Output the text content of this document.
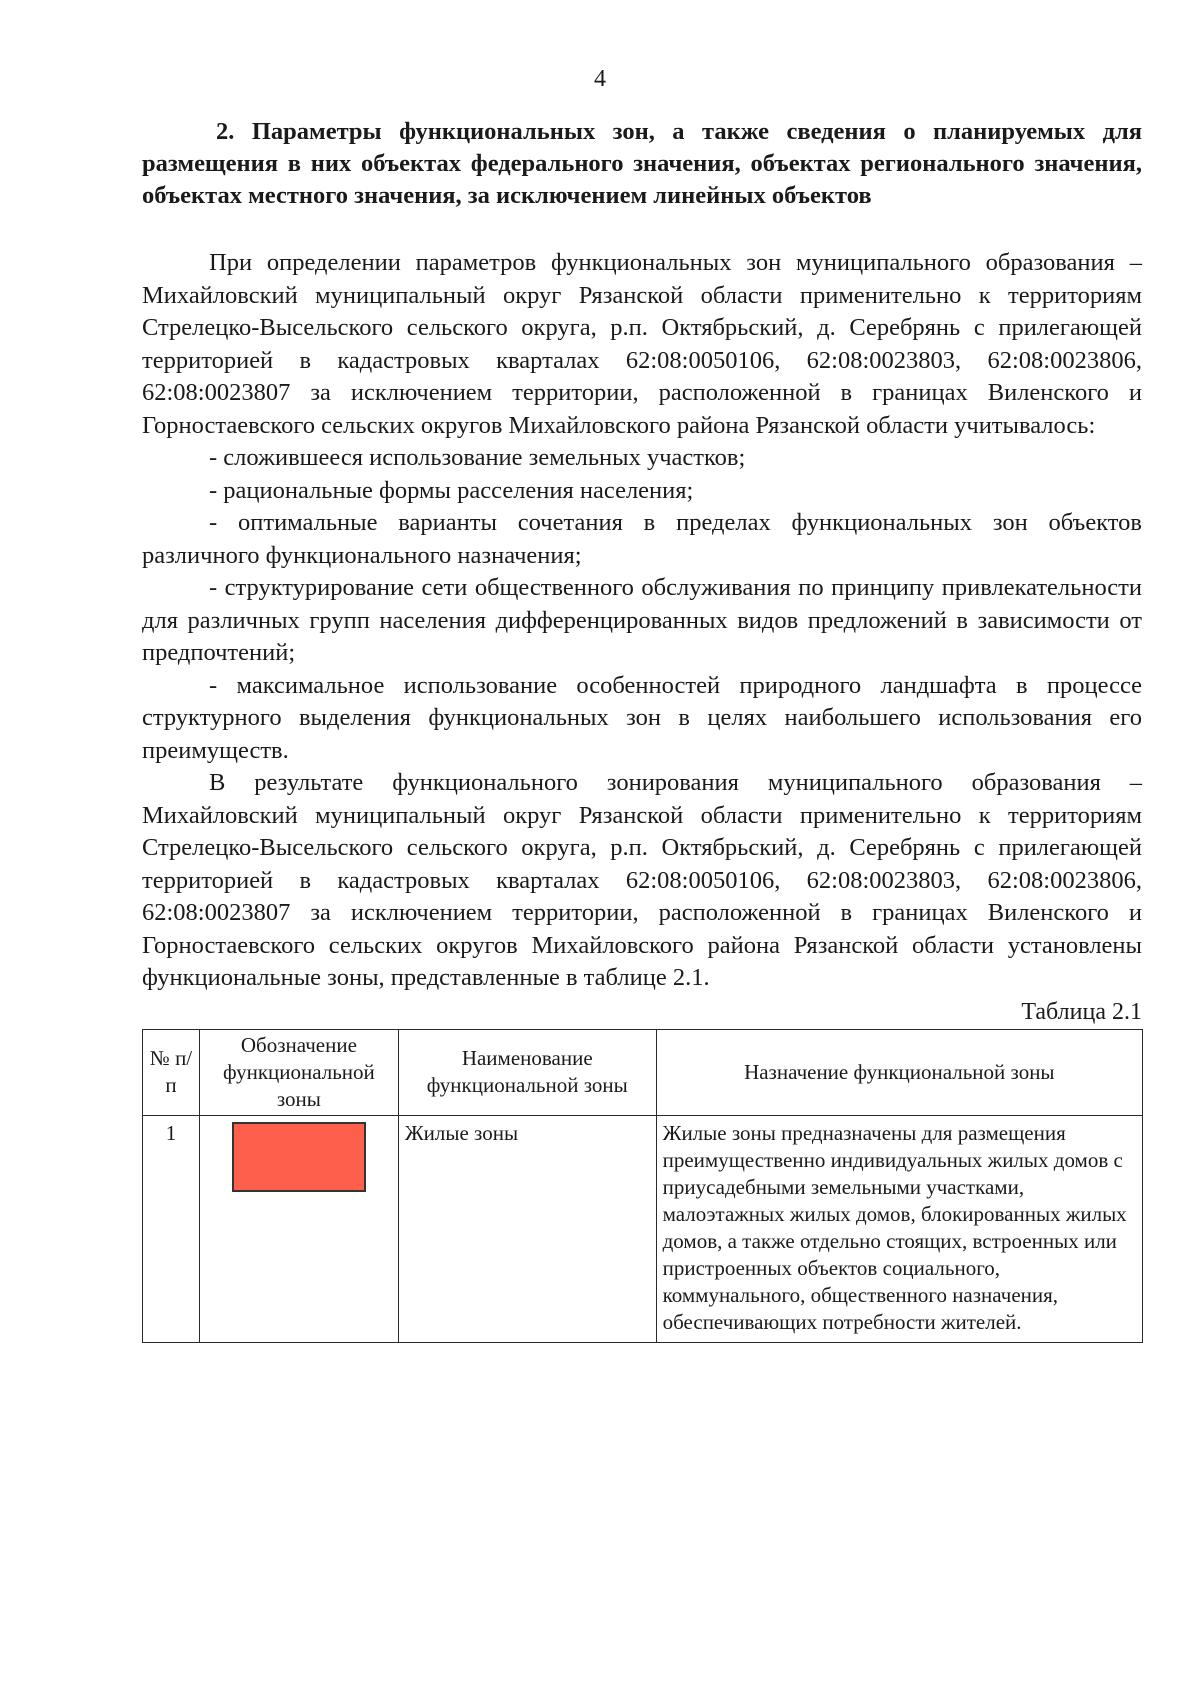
4

2. Параметры функциональных зон, а также сведения о планируемых для размещения в них объектах федерального значения, объектах регионального значения, объектах местного значения, за исключением линейных объектов

При определении параметров функциональных зон муниципального образования – Михайловский муниципальный округ Рязанской области применительно к территориям Стрелецко-Высельского сельского округа, р.п. Октябрьский, д. Серебрянь с прилегающей территорией в кадастровых кварталах 62:08:0050106, 62:08:0023803, 62:08:0023806, 62:08:0023807 за исключением территории, расположенной в границах Виленского и Горностаевского сельских округов Михайловского района Рязанской области учитывалось:

- сложившееся использование земельных участков;

- рациональные формы расселения населения;

- оптимальные варианты сочетания в пределах функциональных зон объектов различного функционального назначения;

- структурирование сети общественного обслуживания по принципу привлекательности для различных групп населения дифференцированных видов предложений в зависимости от предпочтений;

- максимальное использование особенностей природного ландшафта в процессе структурного выделения функциональных зон в целях наибольшего использования его преимуществ.

В результате функционального зонирования муниципального образования – Михайловский муниципальный округ Рязанской области применительно к территориям Стрелецко-Высельского сельского округа, р.п. Октябрьский, д. Серебрянь с прилегающей территорией в кадастровых кварталах 62:08:0050106, 62:08:0023803, 62:08:0023806, 62:08:0023807 за исключением территории, расположенной в границах Виленского и Горностаевского сельских округов Михайловского района Рязанской области установлены функциональные зоны, представленные в таблице 2.1.

Таблица 2.1
№ п/п	Обозначение функциональной зоны	Наименование функциональной зоны	Назначение функциональной зоны
1		Жилые зоны	Жилые зоны предназначены для размещения преимущественно индивидуальных жилых домов с приусадебными земельными участками, малоэтажных жилых домов, блокированных жилых домов, а также отдельно стоящих, встроенных или пристроенных объектов социального, коммунального, общественного назначения, обеспечивающих потребности жителей.
